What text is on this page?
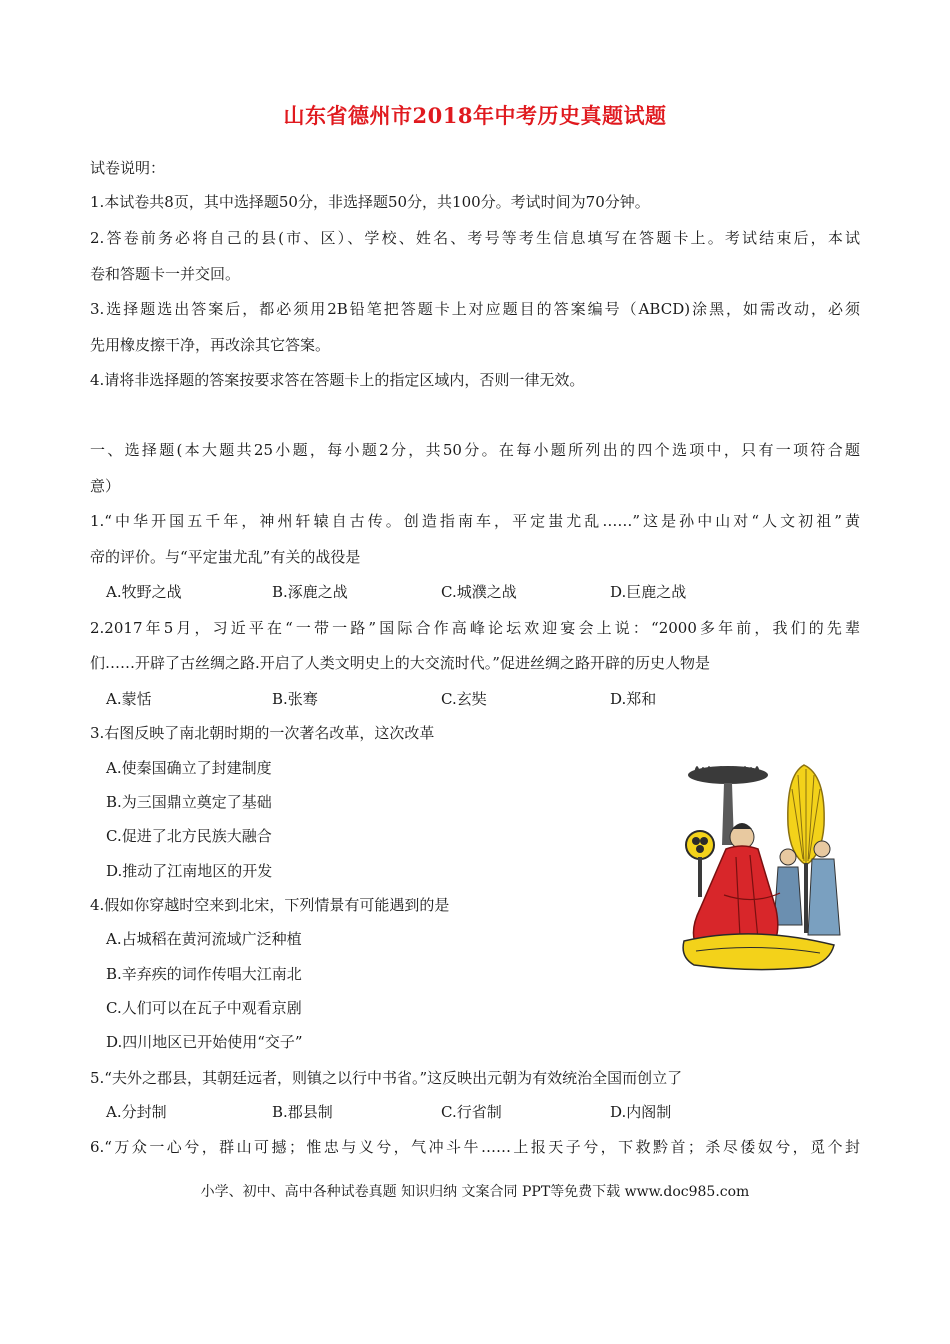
山东省德州市2018年中考历史真题试题
试卷说明：
1.本试卷共8页，其中选择题50分，非选择题50分，共100分。考试时间为70分钟。
2.答卷前务必将自己的县(市、区）、学校、姓名、考号等考生信息填写在答题卡上。考试结束后，本试
卷和答题卡一并交回。
3.选择题选出答案后，都必须用2B铅笔把答题卡上对应题目的答案编号（ABCD)涂黑，如需改动，必须
先用橡皮擦干净，再改涂其它答案。
4.请将非选择题的答案按要求答在答题卡上的指定区域内，否则一律无效。
一、选择题(本大题共25小题，每小题2分，共50分。在每小题所列出的四个选项中，只有一项符合题
意）
1.“中华开国五千年，神州轩辕自古传。创造指南车，平定蚩尤乱……”这是孙中山对“人文初祖”黄
帝的评价。与“平定蚩尤乱”有关的战役是
A.牧野之战	B.涿鹿之战	C.城濮之战	D.巨鹿之战
2.2017年5月，习近平在“一带一路”国际合作高峰论坛欢迎宴会上说：“2000多年前，我们的先辈
们……开辟了古丝绸之路.开启了人类文明史上的大交流时代。”促进丝绸之路开辟的历史人物是
A.蒙恬	B.张骞	C.玄奘	D.郑和
3.右图反映了南北朝时期的一次著名改革，这次改革
A.使秦国确立了封建制度
B.为三国鼎立奠定了基础
C.促进了北方民族大融合
D.推动了江南地区的开发
4.假如你穿越时空来到北宋，下列情景有可能遇到的是
A.占城稻在黄河流域广泛种植
B.辛弃疾的词作传唱大江南北
C.人们可以在瓦子中观看京剧
D.四川地区已开始使用“交子”
5.“夫外之郡县，其朝廷远者，则镇之以行中书省。”这反映出元朝为有效统治全国而创立了
A.分封制	B.郡县制	C.行省制	D.内阁制
6.“万众一心兮，群山可撼；惟忠与义兮，气冲斗牛……上报天子兮，下救黔首；杀尽倭奴兮，觅个封
小学、初中、高中各种试卷真题 知识归纳 文案合同 PPT等免费下载 www.doc985.com
